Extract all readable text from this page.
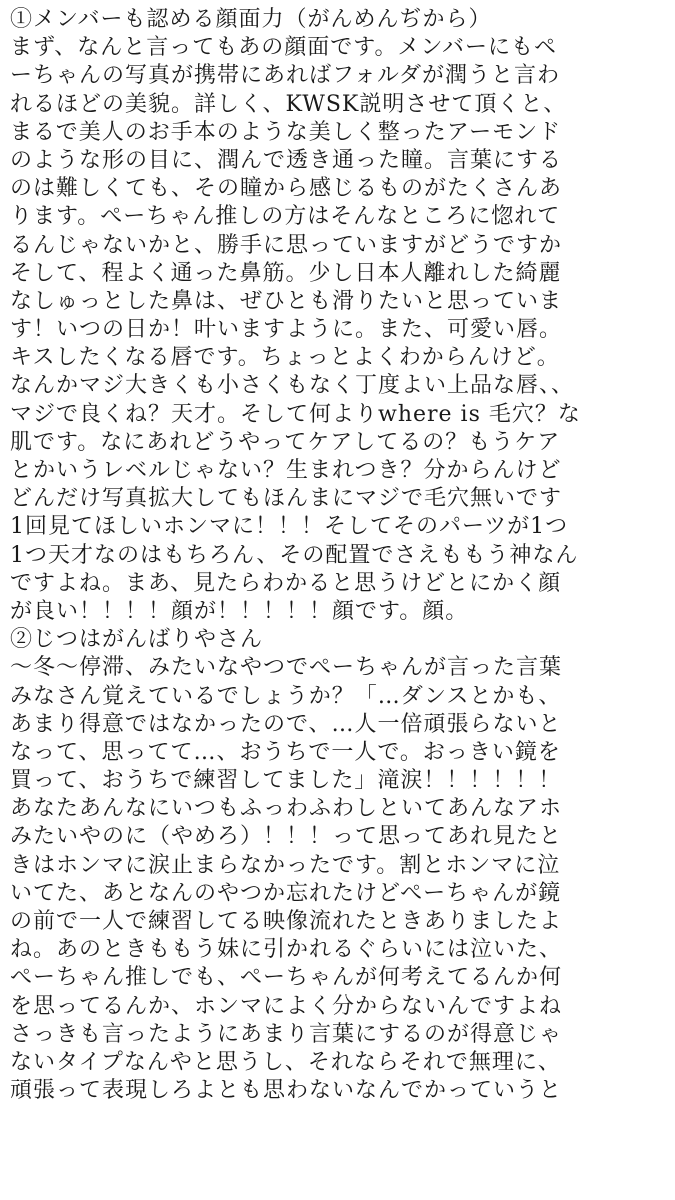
①メンバーも認める顔面力（がんめんぢから）
まず、なんと言ってもあの顔面です。メンバーにもペ
ーちゃんの写真が携帯にあればフォルダが潤うと言わ
れるほどの美貌。詳しく、KWSK説明させて頂くと、
まるで美人のお手本のような美しく整ったアーモンド
のような形の目に、潤んで透き通った瞳。言葉にする
のは難しくても、その瞳から感じるものがたくさんあ
ります。ぺーちゃん推しの方はそんなところに惚れて
るんじゃないかと、勝手に思っていますがどうですか
そして、程よく通った鼻筋。少し日本人離れした綺麗
なしゅっとした鼻は、ぜひとも滑りたいと思っていま
す！いつの日か！叶いますように。また、可愛い唇。
キスしたくなる唇です。ちょっとよくわからんけど。
なんかマジ大きくも小さくもなく丁度よい上品な唇、、
マジで良くね？天才。そして何よりwhere is 毛穴？な
肌です。なにあれどうやってケアしてるの？もうケア
とかいうレベルじゃない？生まれつき？分からんけど
どんだけ写真拡大してもほんまにマジで毛穴無いです
1回見てほしいホンマに！！！そしてそのパーツが1つ
1つ天才なのはもちろん、その配置でさえももう神なん
ですよね。まあ、見たらわかると思うけどとにかく顔
が良い！！！！顔が！！！！！顔です。顔。
②じつはがんばりやさん
〜冬〜停滞、みたいなやつでぺーちゃんが言った言葉
みなさん覚えているでしょうか？「…ダンスとかも、
あまり得意ではなかったので、…人一倍頑張らないと
なって、思ってて…、おうちで一人で。おっきい鏡を
買って、おうちで練習してました」滝涙！！！！！！
あなたあんなにいつもふっわふわしといてあんなアホ
みたいやのに（やめろ）！！！って思ってあれ見たと
きはホンマに涙止まらなかったです。割とホンマに泣
いてた、あとなんのやつか忘れたけどぺーちゃんが鏡
の前で一人で練習してる映像流れたときありましたよ
ね。あのときももう妹に引かれるぐらいには泣いた、
ぺーちゃん推しでも、ぺーちゃんが何考えてるんか何
を思ってるんか、ホンマによく分からないんですよね
さっきも言ったようにあまり言葉にするのが得意じゃ
ないタイプなんやと思うし、それならそれで無理に、
頑張って表現しろよとも思わないなんでかっていうと
